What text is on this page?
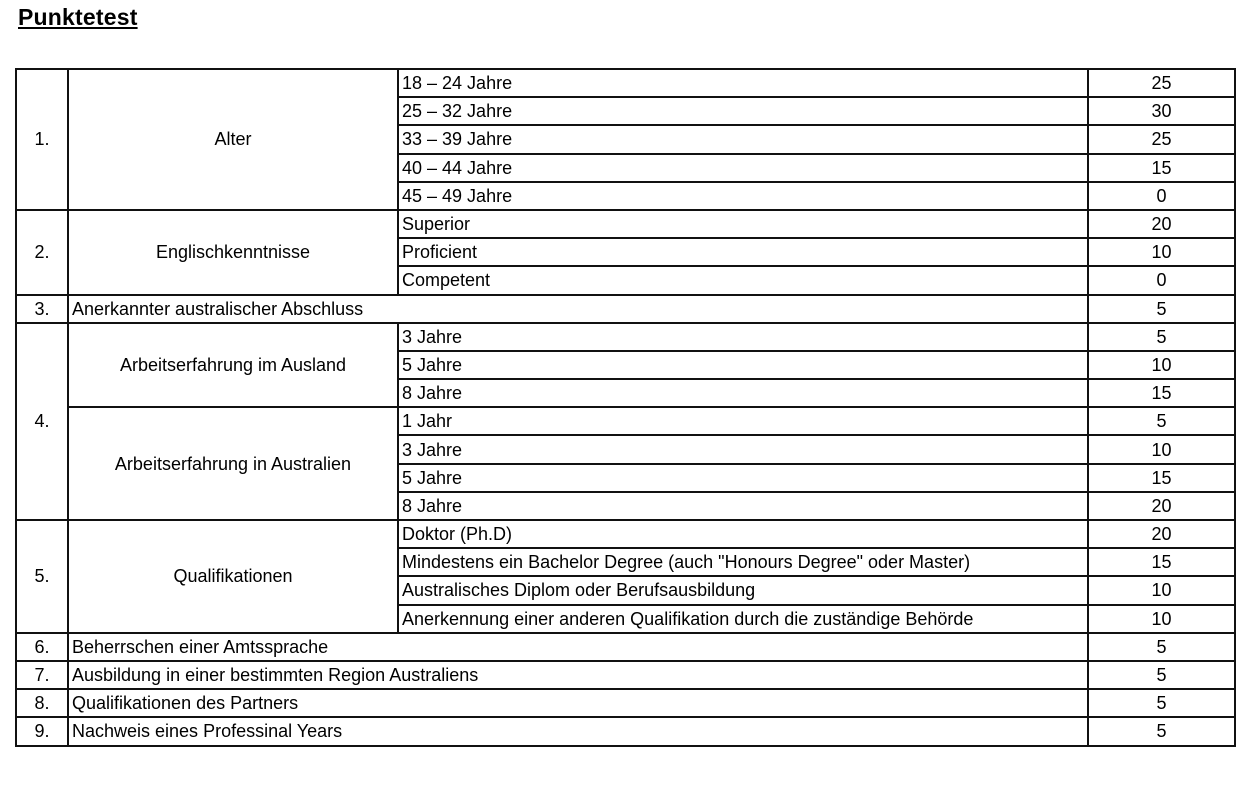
Punktetest
1.	Alter	18 – 24 Jahre	25
		25 – 32 Jahre	30
		33 – 39 Jahre	25
		40 – 44 Jahre	15
		45 – 49 Jahre	0
2.	Englischkenntnisse	Superior	20
		Proficient	10
		Competent	0
3.	Anerkannter australischer Abschluss		5
4.	Arbeitserfahrung im Ausland	3 Jahre	5
		5 Jahre	10
		8 Jahre	15
	Arbeitserfahrung in Australien	1 Jahr	5
		3 Jahre	10
		5 Jahre	15
		8 Jahre	20
5.	Qualifikationen	Doktor (Ph.D)	20
		Mindestens ein Bachelor Degree (auch "Honours Degree" oder Master)	15
		Australisches Diplom oder Berufsausbildung	10
		Anerkennung einer anderen Qualifikation durch die zuständige Behörde	10
6.	Beherrschen einer Amtssprache		5
7.	Ausbildung in einer bestimmten Region Australiens		5
8.	Qualifikationen des Partners		5
9.	Nachweis eines Professinal Years		5
